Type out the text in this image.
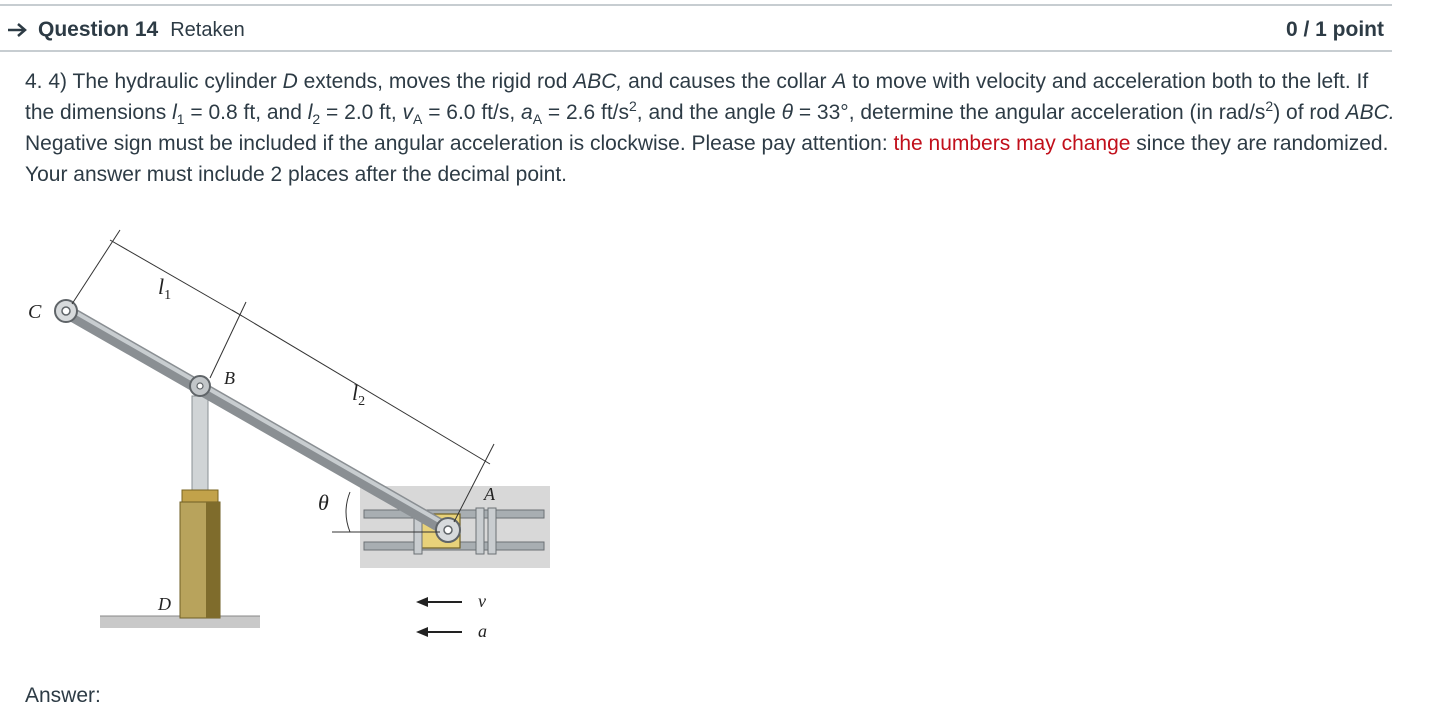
Question 14 Retaken	0 / 1 point
4. 4) The hydraulic cylinder D extends, moves the rigid rod ABC, and causes the collar A to move with velocity and acceleration both to the left. If the dimensions $l_1 = 0.8$ ft, and $l_2 = 2.0$ ft, $v_A = 6.0$ ft/s, $a_A = 2.6$ $ft/s^2$, and the angle θ = 33°, determine the angular acceleration (in rad/$s^2$) of rod ABC. Negative sign must be included if the angular acceleration is clockwise. Please pay attention: the numbers may change since they are randomized. Your answer must include 2 places after the decimal point.
C
B
A
D
$l_1$
$l_2$
θ
v
a
Answer:
